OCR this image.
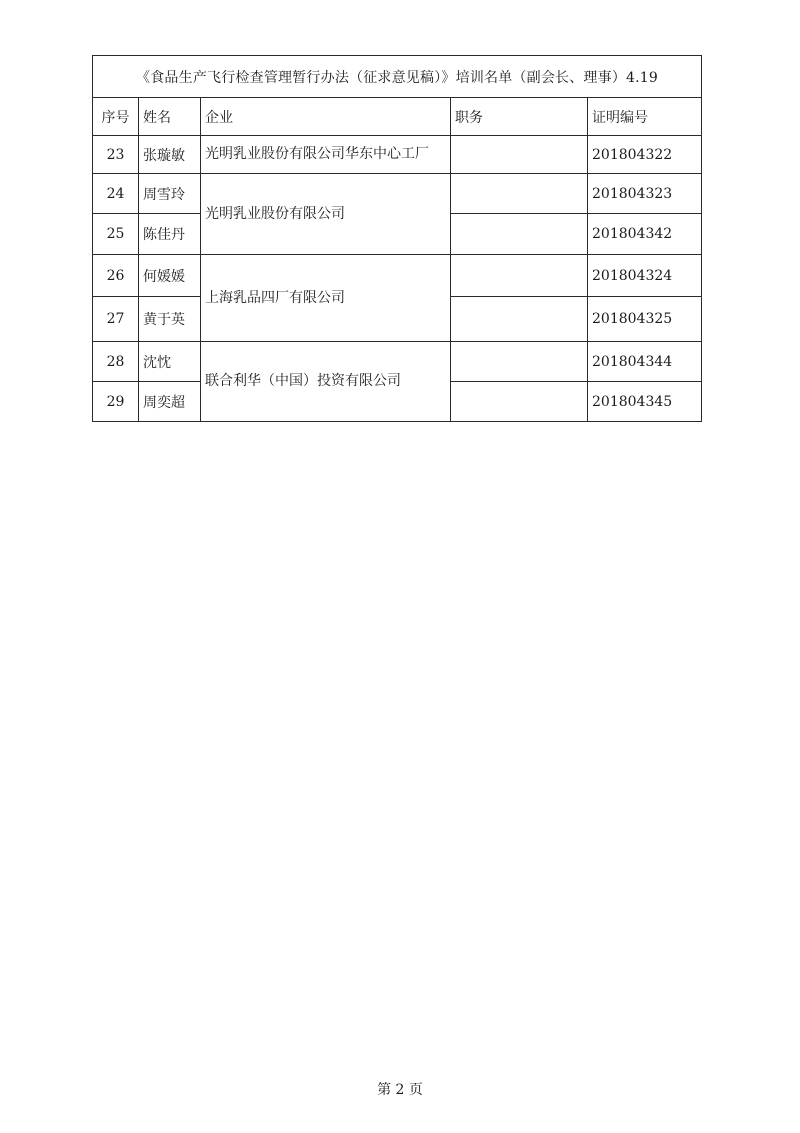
《食品生产飞行检查管理暂行办法（征求意见稿）》培训名单（副会长、理事）4.19				
序号	姓名	企业	职务	证明编号
23	张璇敏	光明乳业股份有限公司华东中心工厂		201804322
24	周雪玲	光明乳业股份有限公司		201804323
25	陈佳丹			201804342
26	何媛媛	上海乳品四厂有限公司		201804324
27	黄于英			201804325
28	沈忱	联合利华（中国）投资有限公司		201804344
29	周奕超			201804345
第 2 页
